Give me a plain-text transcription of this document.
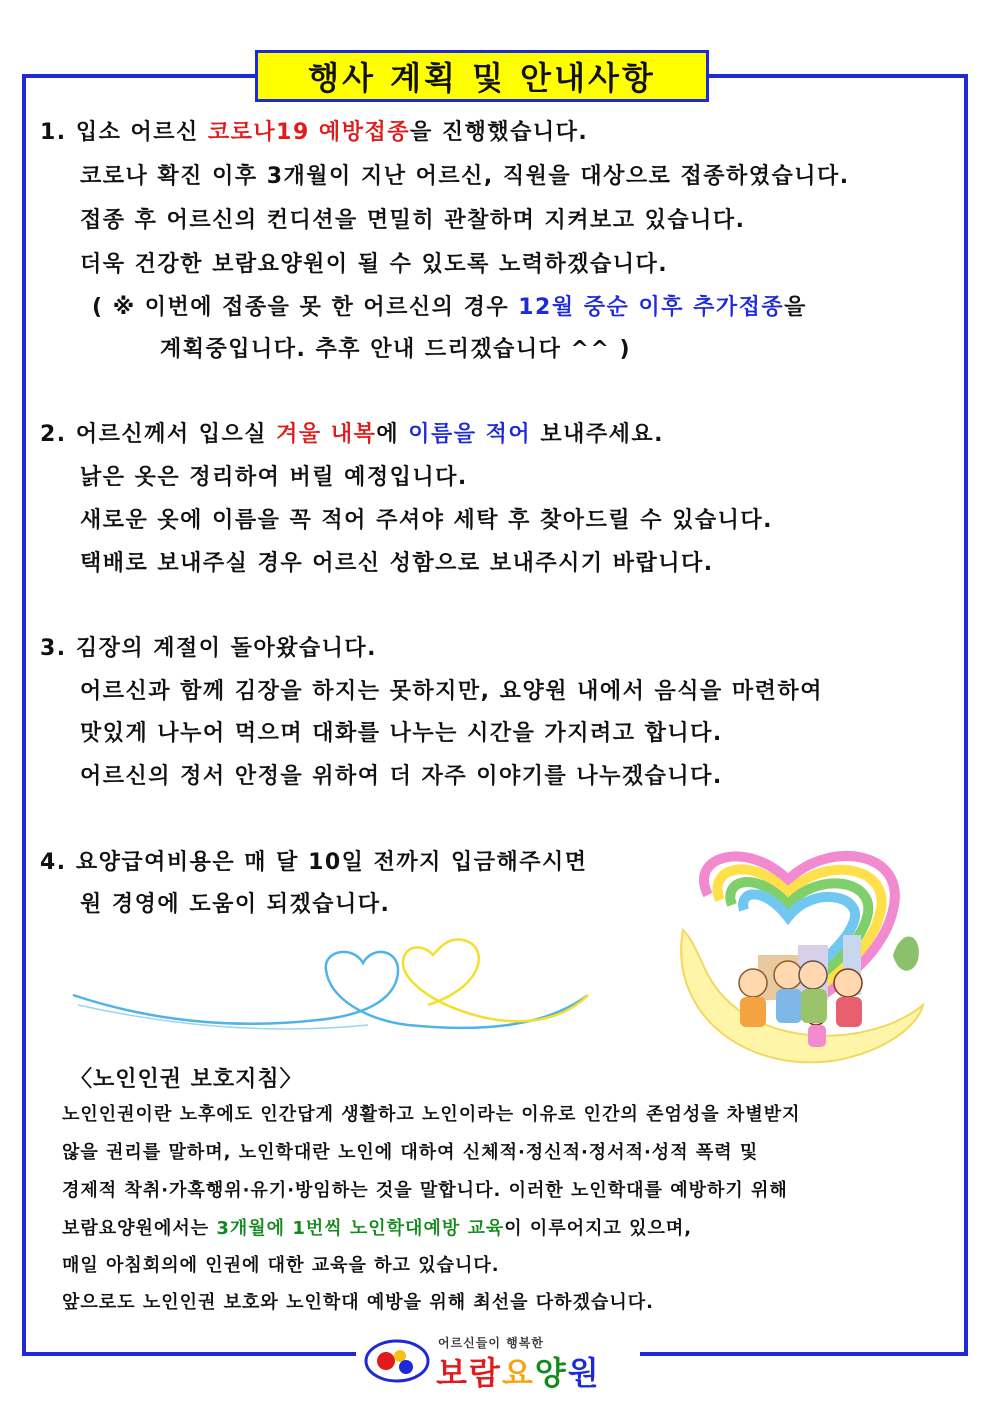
행사 계획 및 안내사항
1. 입소 어르신 코로나19 예방접종을 진행했습니다.
코로나 확진 이후 3개월이 지난 어르신, 직원을 대상으로 접종하였습니다.
접종 후 어르신의 컨디션을 면밀히 관찰하며 지켜보고 있습니다.
더욱 건강한 보람요양원이 될 수 있도록 노력하겠습니다.
( ※ 이번에 접종을 못 한 어르신의 경우 12월 중순 이후 추가접종을
계획중입니다. 추후 안내 드리겠습니다 ^^ )
2. 어르신께서 입으실 겨울 내복에 이름을 적어 보내주세요.
낡은 옷은 정리하여 버릴 예정입니다.
새로운 옷에 이름을 꼭 적어 주셔야 세탁 후 찾아드릴 수 있습니다.
택배로 보내주실 경우 어르신 성함으로 보내주시기 바랍니다.
3. 김장의 계절이 돌아왔습니다.
어르신과 함께 김장을 하지는 못하지만, 요양원 내에서 음식을 마련하여
맛있게 나누어 먹으며 대화를 나누는 시간을 가지려고 합니다.
어르신의 정서 안정을 위하여 더 자주 이야기를 나누겠습니다.
4. 요양급여비용은 매 달 10일 전까지 입금해주시면
원 경영에 도움이 되겠습니다.
〈노인인권 보호지침〉
노인인권이란 노후에도 인간답게 생활하고 노인이라는 이유로 인간의 존엄성을 차별받지
않을 권리를 말하며, 노인학대란 노인에 대하여 신체적·정신적·정서적·성적 폭력 및
경제적 착취·가혹행위·유기·방임하는 것을 말합니다. 이러한 노인학대를 예방하기 위해
보람요양원에서는 3개월에 1번씩 노인학대예방 교육이 이루어지고 있으며,
매일 아침회의에 인권에 대한 교육을 하고 있습니다.
앞으로도 노인인권 보호와 노인학대 예방을 위해 최선을 다하겠습니다.
어르신들이 행복한
보람요양원
